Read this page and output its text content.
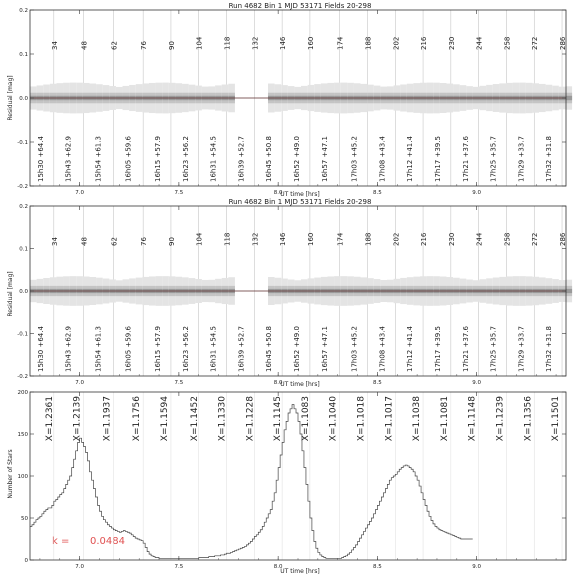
Run 4682 Bin 1 MJD 53171 Fields 20-298
Residual [mag]
UT time [hrs]
34	48	62	76	90	104	118	132	146	160	174	188	202	216	230	244	258	272	286
15h30 +64.4	15h43 +62.9	15h54 +61.3	16h05 +59.6	16h15 +57.9	16h23 +56.2	16h31 +54.5	16h39 +52.7	16h45 +50.8	16h52 +49.0	16h57 +47.1	17h03 +45.2	17h08 +43.4	17h12 +41.4	17h17 +39.5	17h21 +37.6	17h25 +35.7	17h29 +33.7	17h32 +31.8
7.0	7.5	8.0	8.5	9.0
-0.2
-0.1
0.0
0.1
0.2
Run 4682 Bin 1 MJD 53171 Fields 20-298
Residual [mag]
UT time [hrs]
34	48	62	76	90	104	118	132	146	160	174	188	202	216	230	244	258	272	286
15h30 +64.4	15h43 +62.9	15h54 +61.3	16h05 +59.6	16h15 +57.9	16h23 +56.2	16h31 +54.5	16h39 +52.7	16h45 +50.8	16h52 +49.0	16h57 +47.1	17h03 +45.2	17h08 +43.4	17h12 +41.4	17h17 +39.5	17h21 +37.6	17h25 +35.7	17h29 +33.7	17h32 +31.8
7.0	7.5	8.0	8.5	9.0
-0.2
-0.1
0.0
0.1
0.2
Number of Stars
UT time [hrs]
k = 0.0484
X=1.2361 X=1.2139 X=1.1937 X=1.1756 X=1.1594 X=1.1452 X=1.1330 X=1.1228 X=1.1145 X=1.1083 X=1.1040 X=1.1018 X=1.1017 X=1.1038 X=1.1081 X=1.1148 X=1.1239 X=1.1356 X=1.1501
7.0	7.5	8.0	8.5	9.0
0
50
100
150
200
